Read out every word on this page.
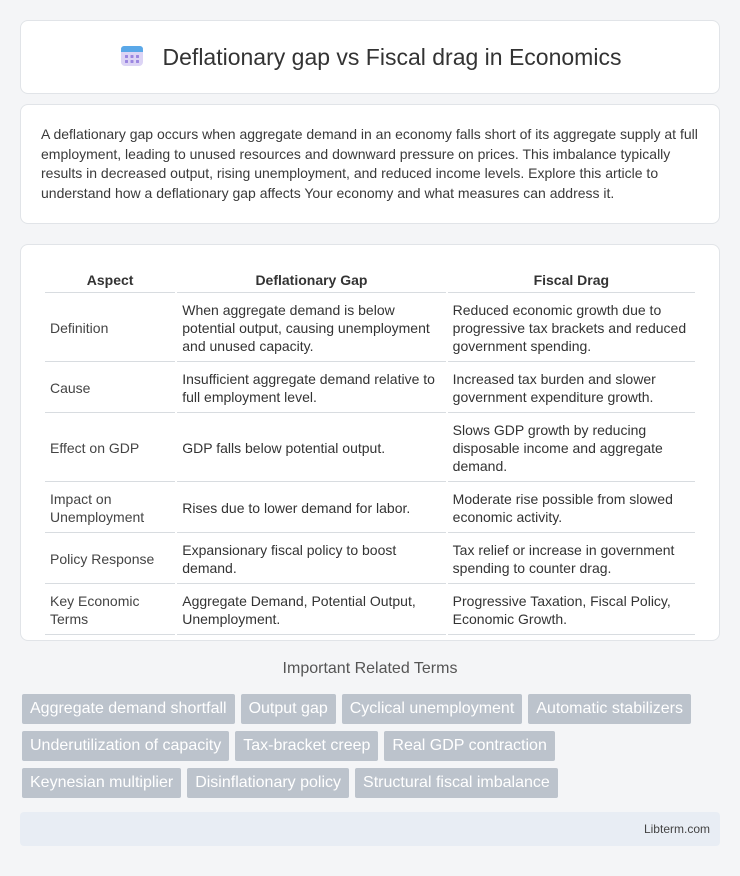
Deflationary gap vs Fiscal drag in Economics

A deflationary gap occurs when aggregate demand in an economy falls short of its aggregate supply at full employment, leading to unused resources and downward pressure on prices. This imbalance typically results in decreased output, rising unemployment, and reduced income levels. Explore this article to understand how a deflationary gap affects Your economy and what measures can address it.

Aspect	Deflationary Gap	Fiscal Drag
Definition	When aggregate demand is below potential output, causing unemployment and unused capacity.	Reduced economic growth due to progressive tax brackets and reduced government spending.
Cause	Insufficient aggregate demand relative to full employment level.	Increased tax burden and slower government expenditure growth.
Effect on GDP	GDP falls below potential output.	Slows GDP growth by reducing disposable income and aggregate demand.
Impact on Unemployment	Rises due to lower demand for labor.	Moderate rise possible from slowed economic activity.
Policy Response	Expansionary fiscal policy to boost demand.	Tax relief or increase in government spending to counter drag.
Key Economic Terms	Aggregate Demand, Potential Output, Unemployment.	Progressive Taxation, Fiscal Policy, Economic Growth.
Important Related Terms
Aggregate demand shortfall	Output gap	Cyclical unemployment	Automatic stabilizers
Underutilization of capacity	Tax-bracket creep	Real GDP contraction
Keynesian multiplier	Disinflationary policy	Structural fiscal imbalance
Libterm.com
